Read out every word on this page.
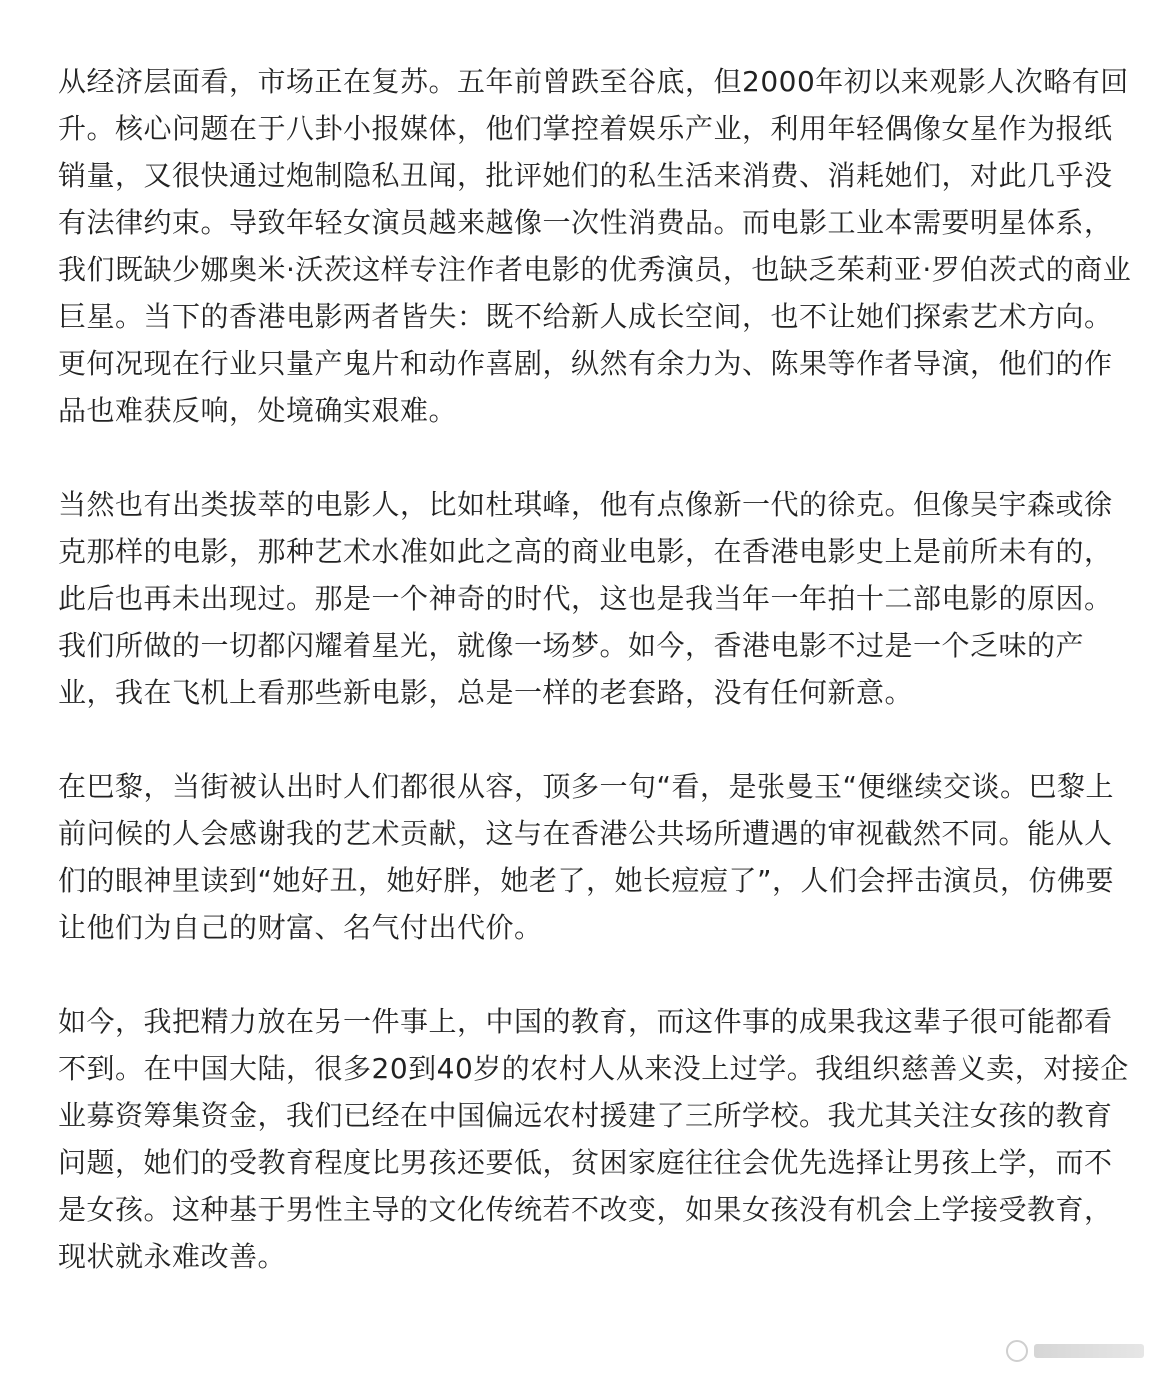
从经济层面看，市场正在复苏。五年前曾跌至谷底，但2000年初以来观影人次略有回升。核心问题在于八卦小报媒体，他们掌控着娱乐产业，利用年轻偶像女星作为报纸销量，又很快通过炮制隐私丑闻，批评她们的私生活来消费、消耗她们，对此几乎没有法律约束。导致年轻女演员越来越像一次性消费品。而电影工业本需要明星体系，我们既缺少娜奥米·沃茨这样专注作者电影的优秀演员，也缺乏茱莉亚·罗伯茨式的商业巨星。当下的香港电影两者皆失：既不给新人成长空间，也不让她们探索艺术方向。更何况现在行业只量产鬼片和动作喜剧，纵然有余力为、陈果等作者导演，他们的作品也难获反响，处境确实艰难。

当然也有出类拔萃的电影人，比如杜琪峰，他有点像新一代的徐克。但像吴宇森或徐克那样的电影，那种艺术水准如此之高的商业电影，在香港电影史上是前所未有的，此后也再未出现过。那是一个神奇的时代，这也是我当年一年拍十二部电影的原因。我们所做的一切都闪耀着星光，就像一场梦。如今，香港电影不过是一个乏味的产业，我在飞机上看那些新电影，总是一样的老套路，没有任何新意。

在巴黎，当街被认出时人们都很从容，顶多一句“看，是张曼玉“便继续交谈。巴黎上前问候的人会感谢我的艺术贡献，这与在香港公共场所遭遇的审视截然不同。能从人们的眼神里读到“她好丑，她好胖，她老了，她长痘痘了”，人们会抨击演员，仿佛要让他们为自己的财富、名气付出代价。

如今，我把精力放在另一件事上，中国的教育，而这件事的成果我这辈子很可能都看不到。在中国大陆，很多20到40岁的农村人从来没上过学。我组织慈善义卖，对接企业募资筹集资金，我们已经在中国偏远农村援建了三所学校。我尤其关注女孩的教育问题，她们的受教育程度比男孩还要低，贫困家庭往往会优先选择让男孩上学，而不是女孩。这种基于男性主导的文化传统若不改变，如果女孩没有机会上学接受教育，现状就永难改善。
